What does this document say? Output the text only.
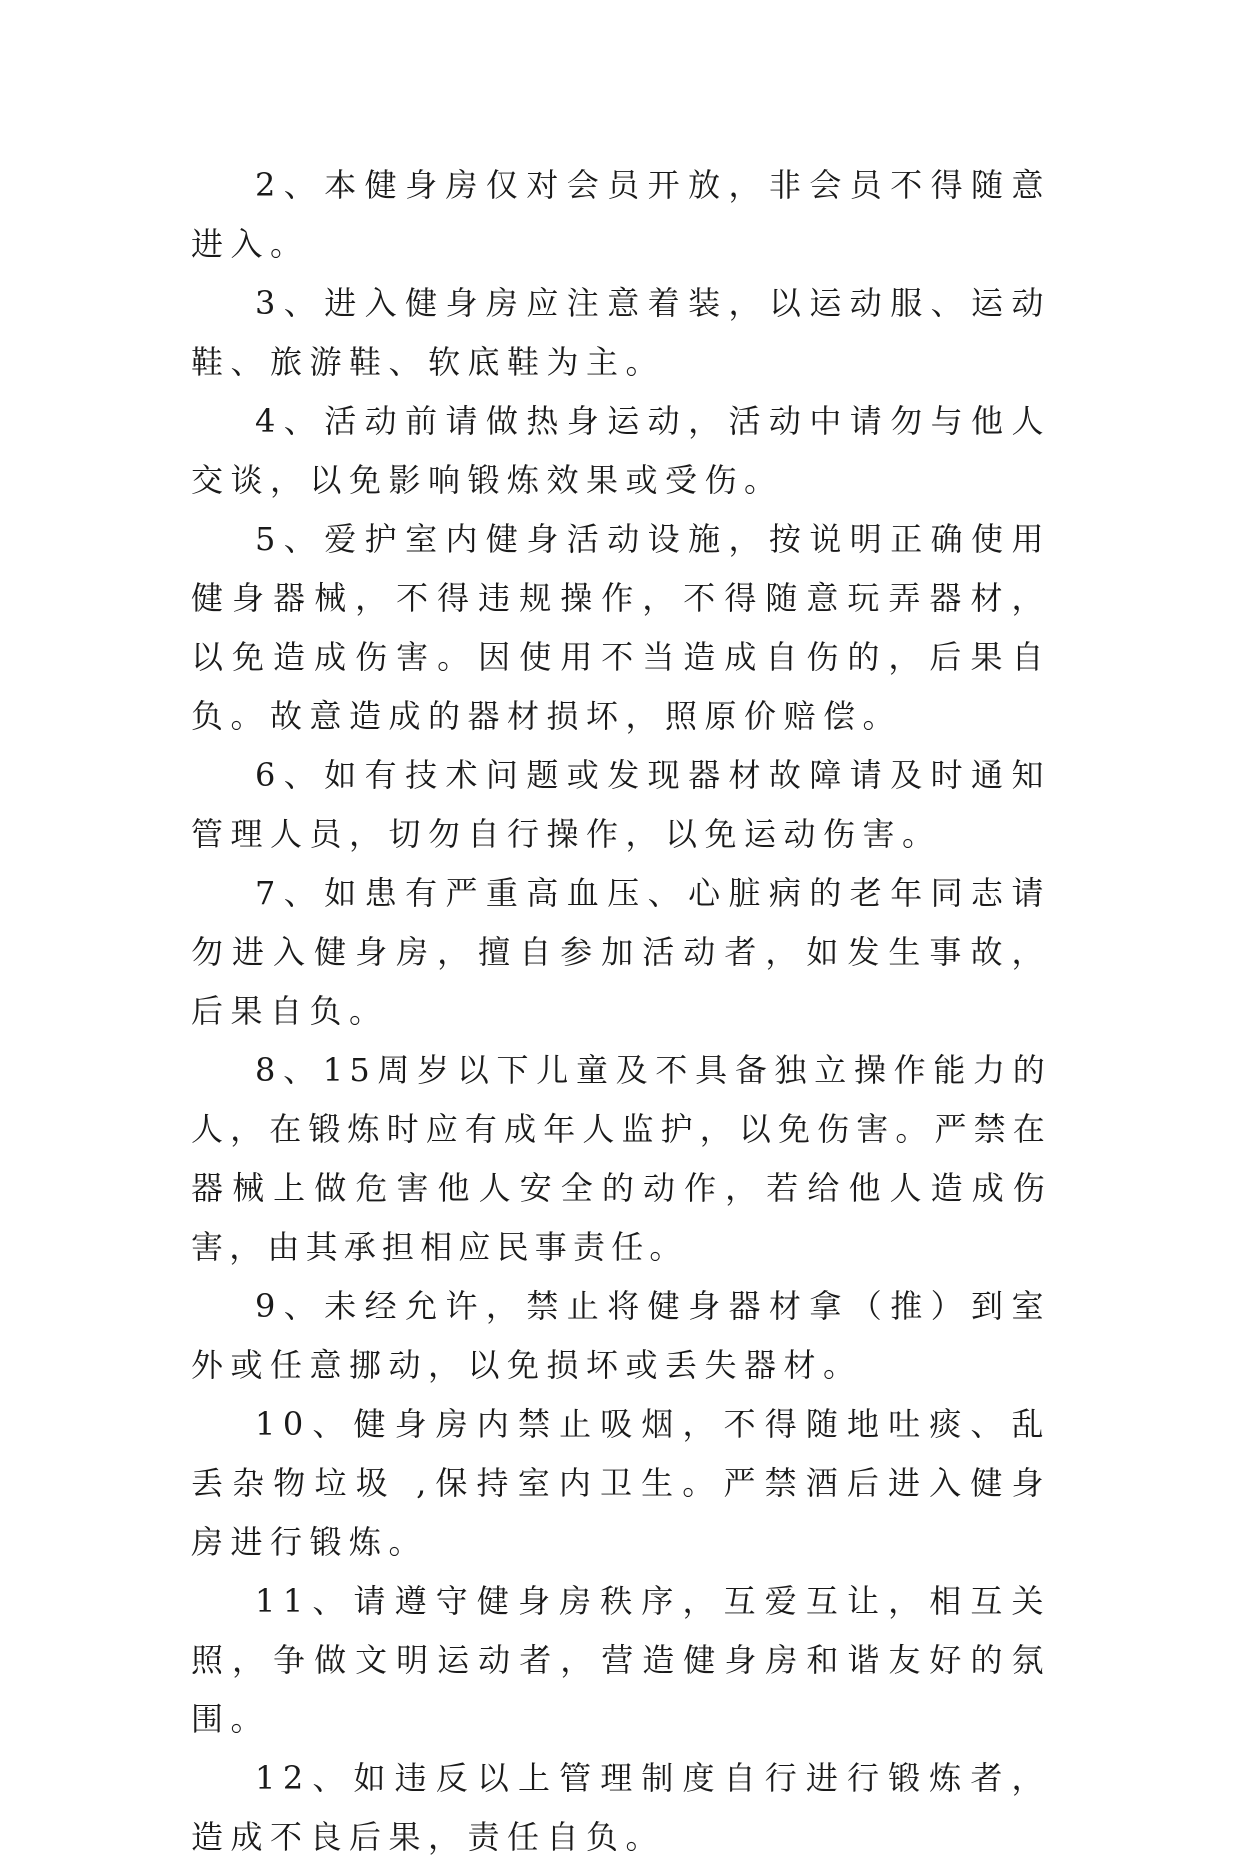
2、本健身房仅对会员开放，非会员不得随意进入。

3、进入健身房应注意着装，以运动服、运动鞋、旅游鞋、软底鞋为主。

4、活动前请做热身运动，活动中请勿与他人交谈，以免影响锻炼效果或受伤。

5、爱护室内健身活动设施，按说明正确使用健身器械，不得违规操作，不得随意玩弄器材，以免造成伤害。因使用不当造成自伤的，后果自负。故意造成的器材损坏，照原价赔偿。

6、如有技术问题或发现器材故障请及时通知管理人员，切勿自行操作，以免运动伤害。

7、如患有严重高血压、心脏病的老年同志请勿进入健身房，擅自参加活动者，如发生事故，后果自负。

8、15周岁以下儿童及不具备独立操作能力的人，在锻炼时应有成年人监护，以免伤害。严禁在器械上做危害他人安全的动作，若给他人造成伤害，由其承担相应民事责任。

9、未经允许，禁止将健身器材拿（推）到室外或任意挪动，以免损坏或丢失器材。

10、健身房内禁止吸烟，不得随地吐痰、乱丢杂物垃圾 ,保持室内卫生。严禁酒后进入健身房进行锻炼。

11、请遵守健身房秩序，互爱互让，相互关照，争做文明运动者，营造健身房和谐友好的氛围。

12、如违反以上管理制度自行进行锻炼者，造成不良后果，责任自负。
